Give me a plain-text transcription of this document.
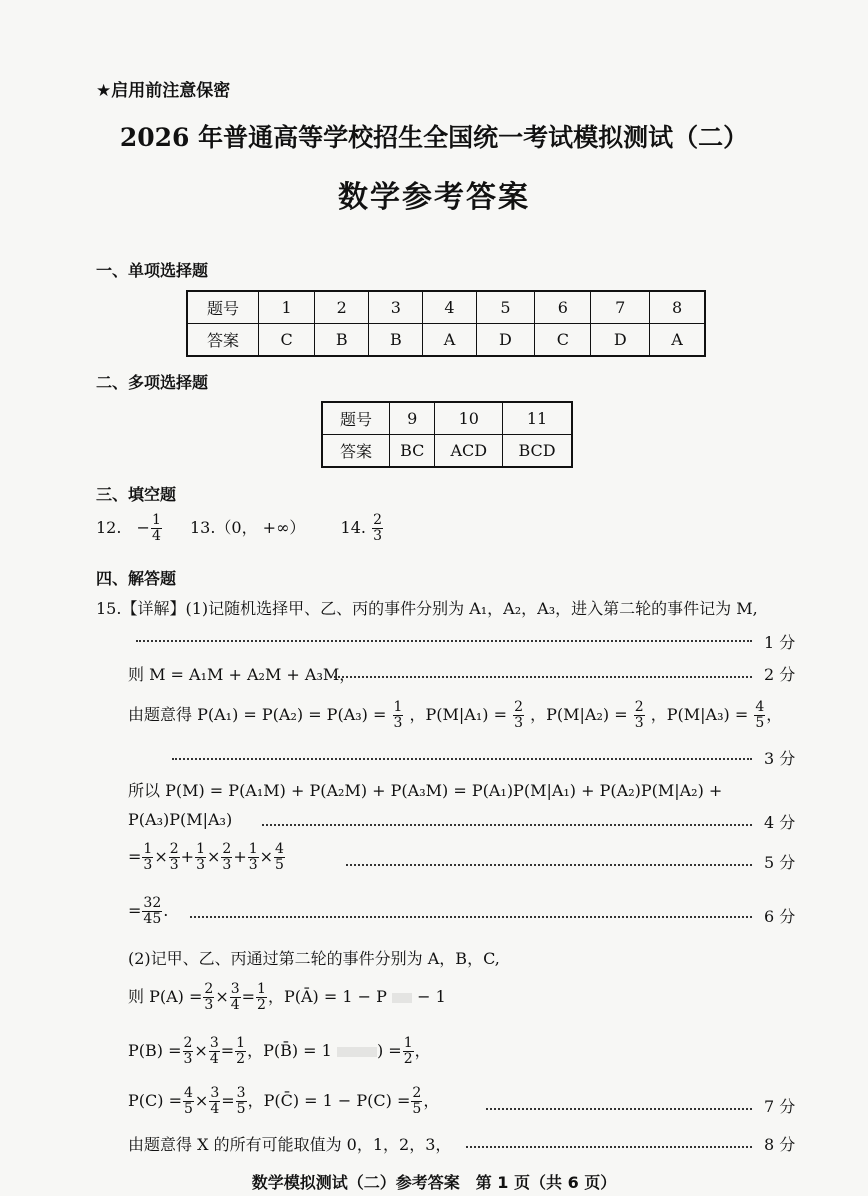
★启用前注意保密
2026 年普通高等学校招生全国统一考试模拟测试（二）
数学参考答案
一、单项选择题
题号	1	2	3	4	5	6	7	8
答案	C	B	B	A	D	C	D	A
二、多项选择题
题号	9	10	11
答案	BC	ACD	BCD
三、填空题
12. − $\frac{1}{4} 13.(0$， +∞） 14. $\frac{2}{3}$
四、解答题
15.【详解】(1)记随机选择甲、乙、丙的事件分别为 A₁，A₂，A₃，进入第二轮的事件记为 M,
1 分
则 M = A₁M + A₂M + A₃M，	2 分
由题意得 $P(A_1) = P(A_2) = P(A_3) = \frac{1}{3}$ ，$P(M|A_1) = \frac{2}{3}$ ，$P(M|A_2) = \frac{2}{3}$ ，$P(M|A_3) = \frac{4}{5}$ ，
3 分
所以 P(M) = P(A₁M) + P(A₂M) + P(A₃M) = P(A₁)P(M|A₁) + P(A₂)P(M|A₂) +
P(A₃)P(M|A₃)	4 分
= $\frac{1}{3} \times \frac{2}{3} + \frac{1}{3} \times \frac{2}{3} + \frac{1}{3} \times \frac{4}{5}$	5 分
= $\frac{32}{45}$ .	6 分
(2)记甲、乙、丙通过第二轮的事件分别为 A，B，C,
则 $P(A) = \frac{2}{3} \times \frac{3}{4} = \frac{1}{2}$ ，P(Ā) = 1 − P − 1
$P(B) = \frac{2}{3} \times \frac{3}{4} = \frac{1}{2}$ ，P(B̄) = 1	) = $\frac{1}{2}$ ，
$P(C) = \frac{4}{5} \times \frac{3}{4} = \frac{3}{5}$ ，P(C̄) = $1 - P(C) = \frac{2}{5}$ ，	7 分
由题意得 X 的所有可能取值为 0，1，2，3，	8 分
数学模拟测试（二）参考答案　第 1 页（共 6 页）
